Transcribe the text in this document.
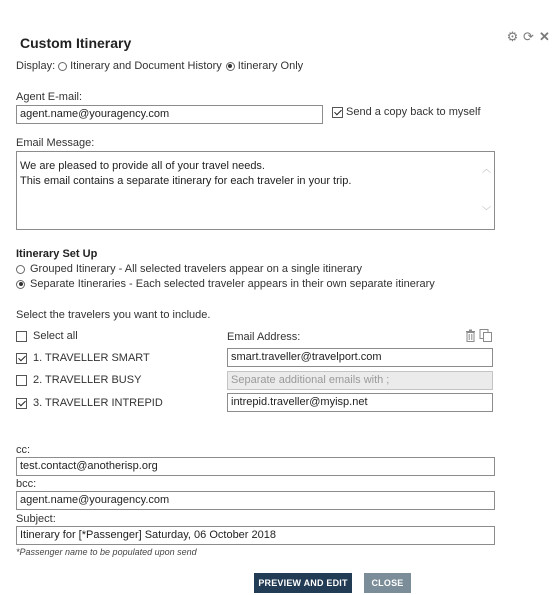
Custom Itinerary	⚙ ⟳ ✕
Display: Itinerary and Document History Itinerary Only
Agent E-mail:
agent.name@youragency.com	Send a copy back to myself
Email Message:
We are pleased to provide all of your travel needs.
This email contains a separate itinerary for each traveler in your trip.
︿
﹀
Itinerary Set Up
Grouped Itinerary - All selected travelers appear on a single itinerary
Separate Itineraries - Each selected traveler appears in their own separate itinerary
Select the travelers you want to include.
Select all	Email Address:
1. TRAVELLER SMART	smart.traveller@travelport.com
2. TRAVELLER BUSY	Separate additional emails with ;
3. TRAVELLER INTREPID	intrepid.traveller@myisp.net
cc:
test.contact@anotherisp.org
bcc:
agent.name@youragency.com
Subject:
Itinerary for [*Passenger] Saturday, 06 October 2018
*Passenger name to be populated upon send
PREVIEW AND EDIT	CLOSE
